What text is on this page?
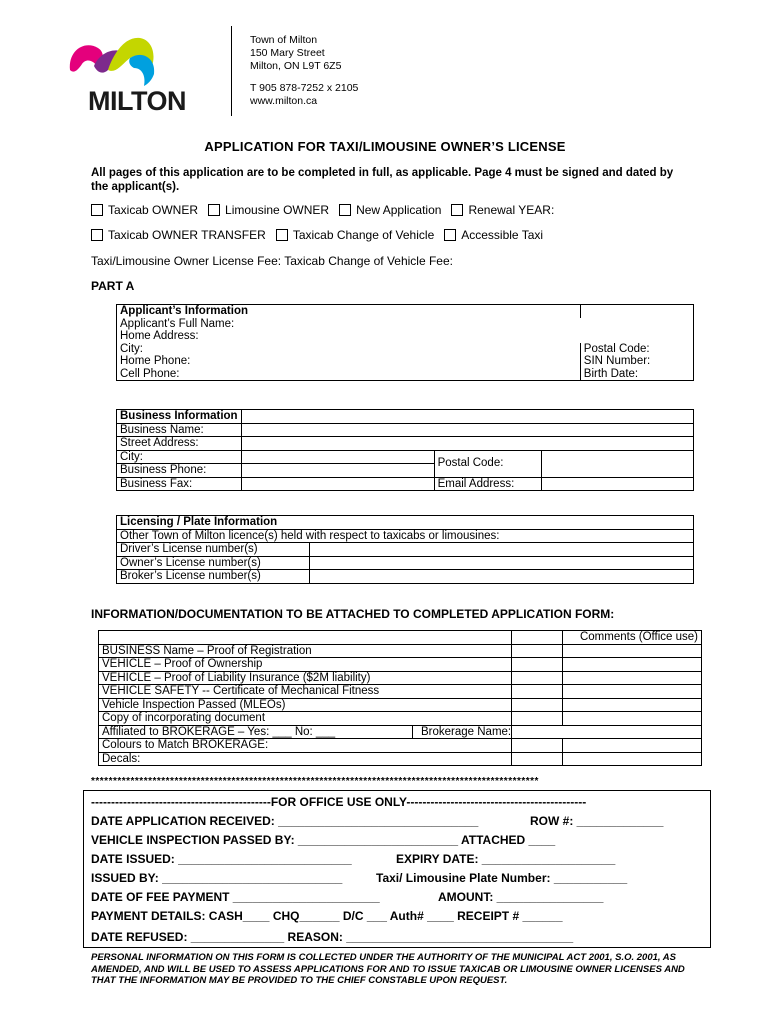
MILTON
Town of Milton
150 Mary Street
Milton, ON L9T 6Z5
T 905 878-7252 x 2105
www.milton.ca
APPLICATION FOR TAXI/LIMOUSINE OWNER’S LICENSE
All pages of this application are to be completed in full, as applicable. Page 4 must be signed and dated by the applicant(s).
Taxicab OWNER Limousine OWNER New Application Renewal YEAR:
Taxicab OWNER TRANSFER Taxicab Change of Vehicle Accessible Taxi
Taxi/Limousine Owner License Fee: Taxicab Change of Vehicle Fee:
PART A
Applicant’s Information	
Applicant’s Full Name:	
Home Address:	
City:	Postal Code:
Home Phone:	SIN Number:
Cell Phone:	Birth Date:
Business Information			
Business Name:			
Street Address:			
City:		Postal Code:	
Business Phone:			
Business Fax:		Email Address:	
Licensing / Plate Information	
Other Town of Milton licence(s) held with respect to taxicabs or limousines:	
Driver’s License number(s)	
Owner’s License number(s)	
Broker’s License number(s)	
INFORMATION/DOCUMENTATION TO BE ATTACHED TO COMPLETED APPLICATION FORM:
		Comments (Office use)
BUSINESS Name – Proof of Registration		
VEHICLE – Proof of Ownership		
VEHICLE – Proof of Liability Insurance ($2M liability)		
VEHICLE SAFETY -- Certificate of Mechanical Fitness		
Vehicle Inspection Passed (MLEOs)		
Copy of incorporating document		
Affiliated to BROKERAGE – Yes: ___ No: ___ Brokerage Name:		
Colours to Match BROKERAGE:		
Decals:		
******************************************************************************************************
---------------------------------------------FOR OFFICE USE ONLY---------------------------------------------
DATE APPLICATION RECEIVED: ______________________________	ROW #: _____________
VEHICLE INSPECTION PASSED BY: ________________________ ATTACHED ____
DATE ISSUED: __________________________	EXPIRY DATE: ____________________
ISSUED BY: ___________________________	Taxi/ Limousine Plate Number: ___________
DATE OF FEE PAYMENT ______________________	AMOUNT: ________________
PAYMENT DETAILS: CASH____ CHQ______ D/C ___ Auth# ____ RECEIPT # ______
DATE REFUSED: ______________ REASON: __________________________________
PERSONAL INFORMATION ON THIS FORM IS COLLECTED UNDER THE AUTHORITY OF THE MUNICIPAL ACT 2001, S.O. 2001, AS AMENDED, AND WILL BE USED TO ASSESS APPLICATIONS FOR AND TO ISSUE TAXICAB OR LIMOUSINE OWNER LICENSES AND THAT THE INFORMATION MAY BE PROVIDED TO THE CHIEF CONSTABLE UPON REQUEST.
